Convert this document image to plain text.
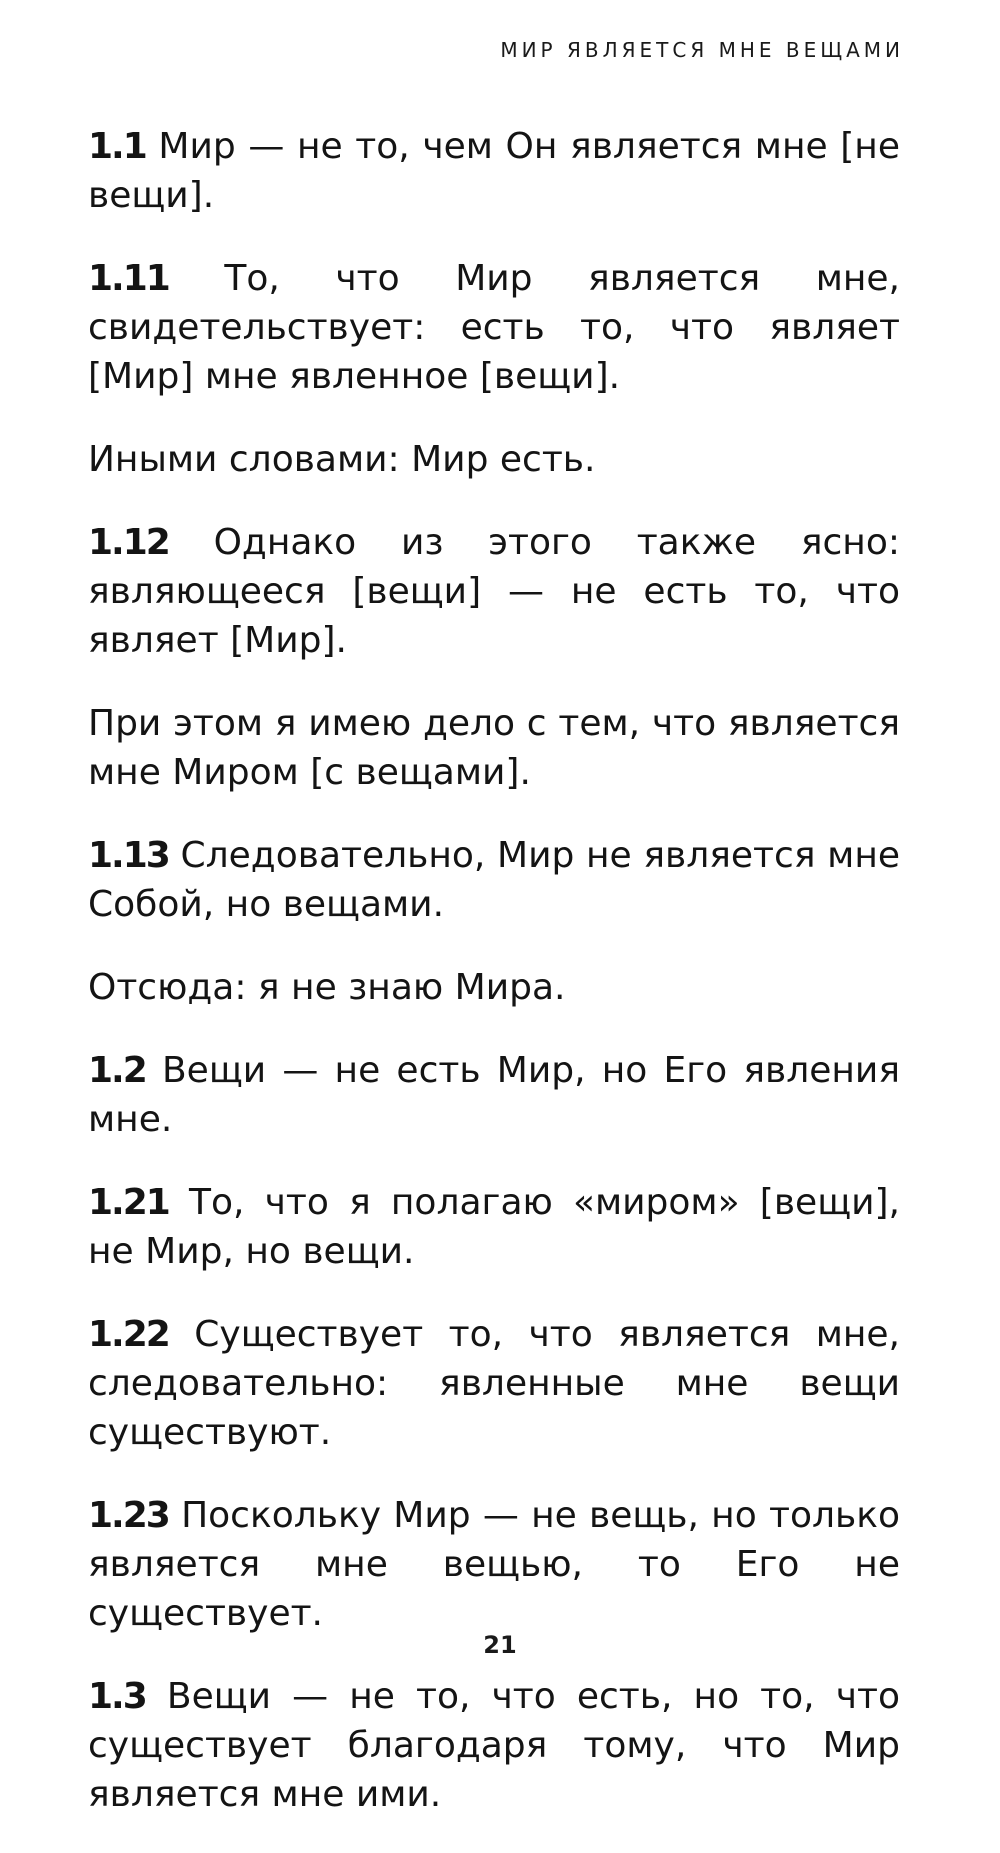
МИР ЯВЛЯЕТСЯ МНЕ ВЕЩАМИ

1.1 Мир — не то, чем Он является мне [не вещи].

1.11 То, что Мир является мне, свидетельствует: есть то, что являет [Мир] мне явленное [вещи].

Иными словами: Мир есть.

1.12 Однако из этого также ясно: являющееся [вещи] — не есть то, что являет [Мир].

При этом я имею дело с тем, что является мне Миром [с вещами].

1.13 Следовательно, Мир не является мне Собой, но вещами.

Отсюда: я не знаю Мира.

1.2 Вещи — не есть Мир, но Его явления мне.

1.21 То, что я полагаю «миром» [вещи], не Мир, но вещи.

1.22 Существует то, что является мне, следовательно: явленные мне вещи существуют.

1.23 Поскольку Мир — не вещь, но только является мне вещью, то Его не существует.

1.3 Вещи — не то, что есть, но то, что существует благодаря тому, что Мир является мне ими.

21
